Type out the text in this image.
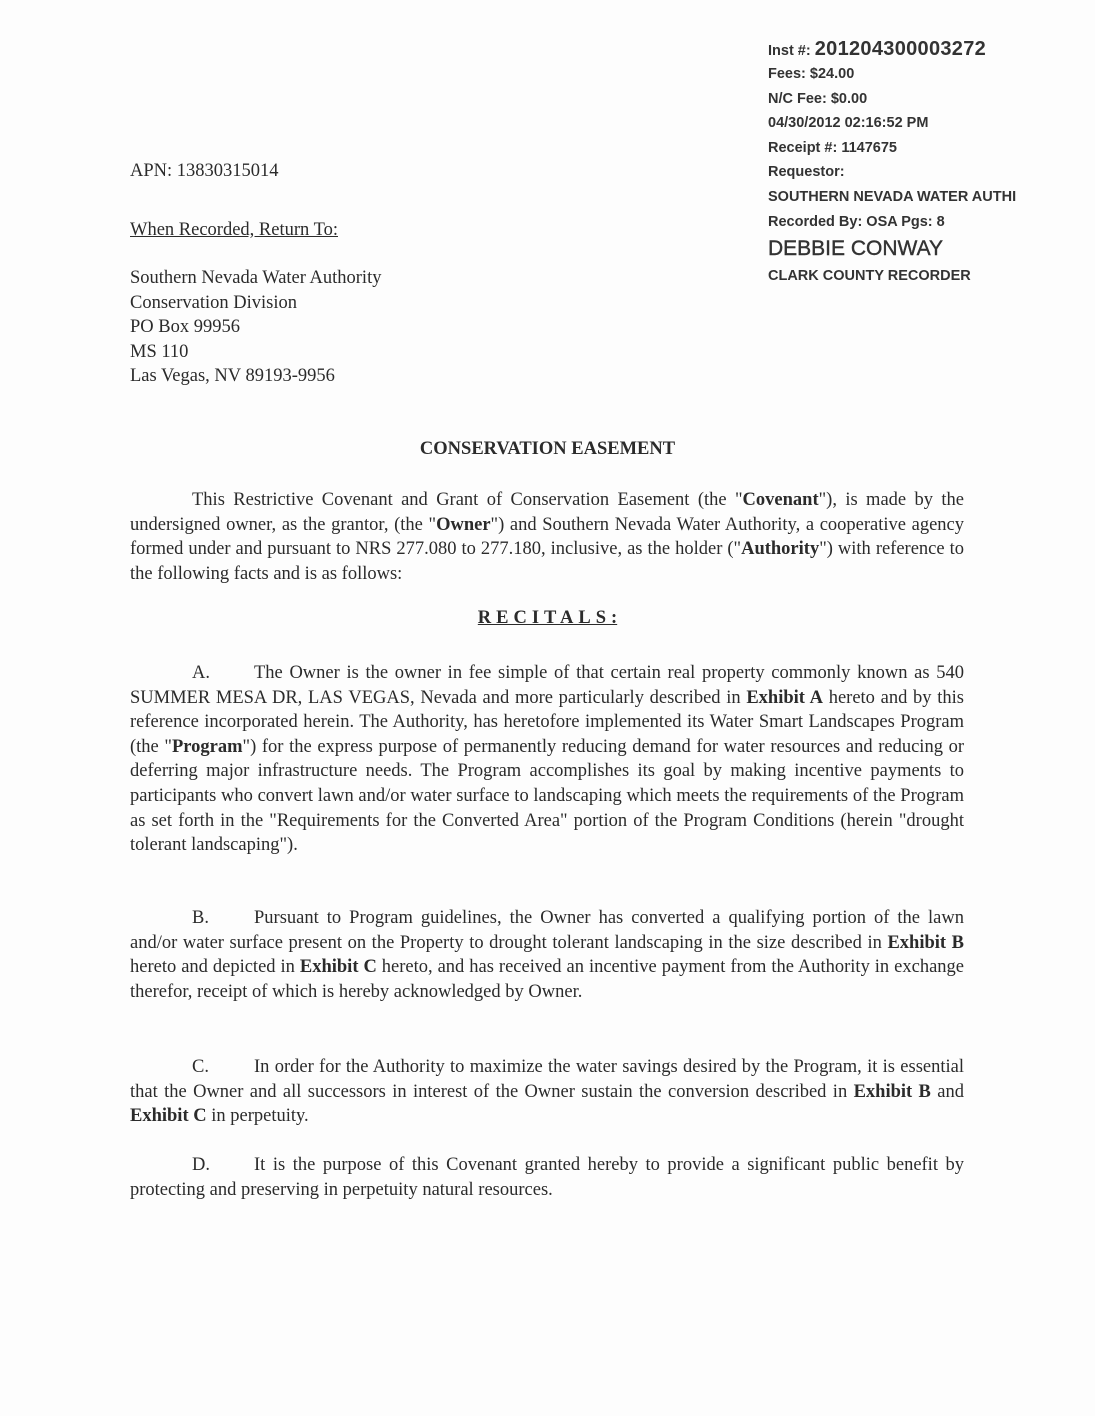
Inst #: 201204300003272
Fees: $24.00
N/C Fee: $0.00
04/30/2012 02:16:52 PM
Receipt #: 1147675
Requestor:
SOUTHERN NEVADA WATER AUTHI
Recorded By: OSA Pgs: 8
DEBBIE CONWAY
CLARK COUNTY RECORDER
APN: 13830315014
When Recorded, Return To:
Southern Nevada Water Authority
Conservation Division
PO Box 99956
MS 110
Las Vegas, NV 89193-9956
CONSERVATION EASEMENT
This Restrictive Covenant and Grant of Conservation Easement (the "Covenant"), is made by the undersigned owner, as the grantor, (the "Owner") and Southern Nevada Water Authority, a cooperative agency formed under and pursuant to NRS 277.080 to 277.180, inclusive, as the holder ("Authority") with reference to the following facts and is as follows:
RECITALS:
A. The Owner is the owner in fee simple of that certain real property commonly known as 540 SUMMER MESA DR, LAS VEGAS, Nevada and more particularly described in Exhibit A hereto and by this reference incorporated herein. The Authority, has heretofore implemented its Water Smart Landscapes Program (the "Program") for the express purpose of permanently reducing demand for water resources and reducing or deferring major infrastructure needs. The Program accomplishes its goal by making incentive payments to participants who convert lawn and/or water surface to landscaping which meets the requirements of the Program as set forth in the "Requirements for the Converted Area" portion of the Program Conditions (herein "drought tolerant landscaping").
B. Pursuant to Program guidelines, the Owner has converted a qualifying portion of the lawn and/or water surface present on the Property to drought tolerant landscaping in the size described in Exhibit B hereto and depicted in Exhibit C hereto, and has received an incentive payment from the Authority in exchange therefor, receipt of which is hereby acknowledged by Owner.
C. In order for the Authority to maximize the water savings desired by the Program, it is essential that the Owner and all successors in interest of the Owner sustain the conversion described in Exhibit B and Exhibit C in perpetuity.
D. It is the purpose of this Covenant granted hereby to provide a significant public benefit by protecting and preserving in perpetuity natural resources.
